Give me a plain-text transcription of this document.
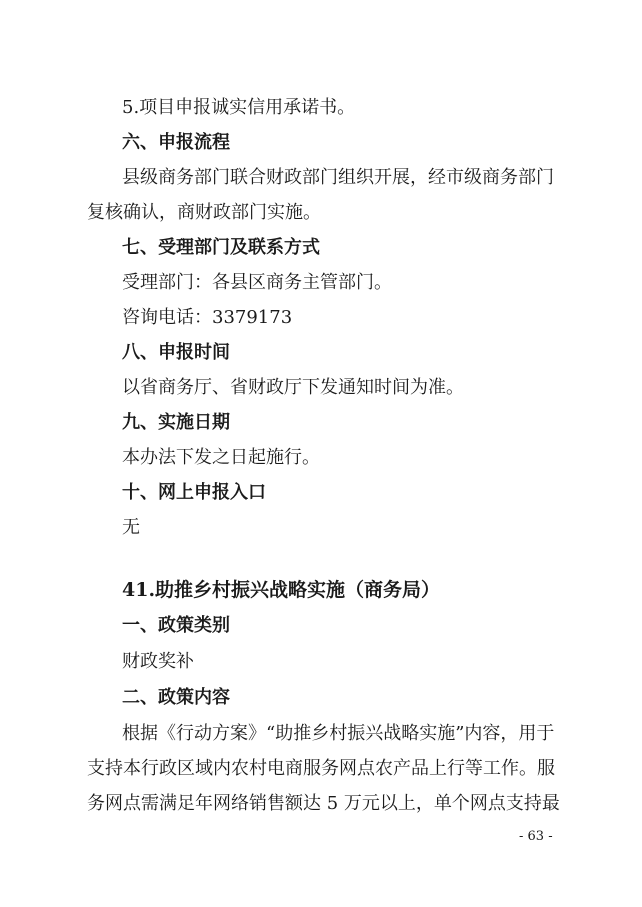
5.项目申报诚实信用承诺书。
六、申报流程
县级商务部门联合财政部门组织开展，经市级商务部门
复核确认，商财政部门实施。
七、受理部门及联系方式
受理部门：各县区商务主管部门。
咨询电话：3379173
八、申报时间
以省商务厅、省财政厅下发通知时间为准。
九、实施日期
本办法下发之日起施行。
十、网上申报入口
无
41.助推乡村振兴战略实施（商务局）
一、政策类别
财政奖补
二、政策内容
根据《行动方案》“助推乡村振兴战略实施”内容，用于
支持本行政区域内农村电商服务网点农产品上行等工作。服
务网点需满足年网络销售额达 5 万元以上，单个网点支持最
- 63 -
